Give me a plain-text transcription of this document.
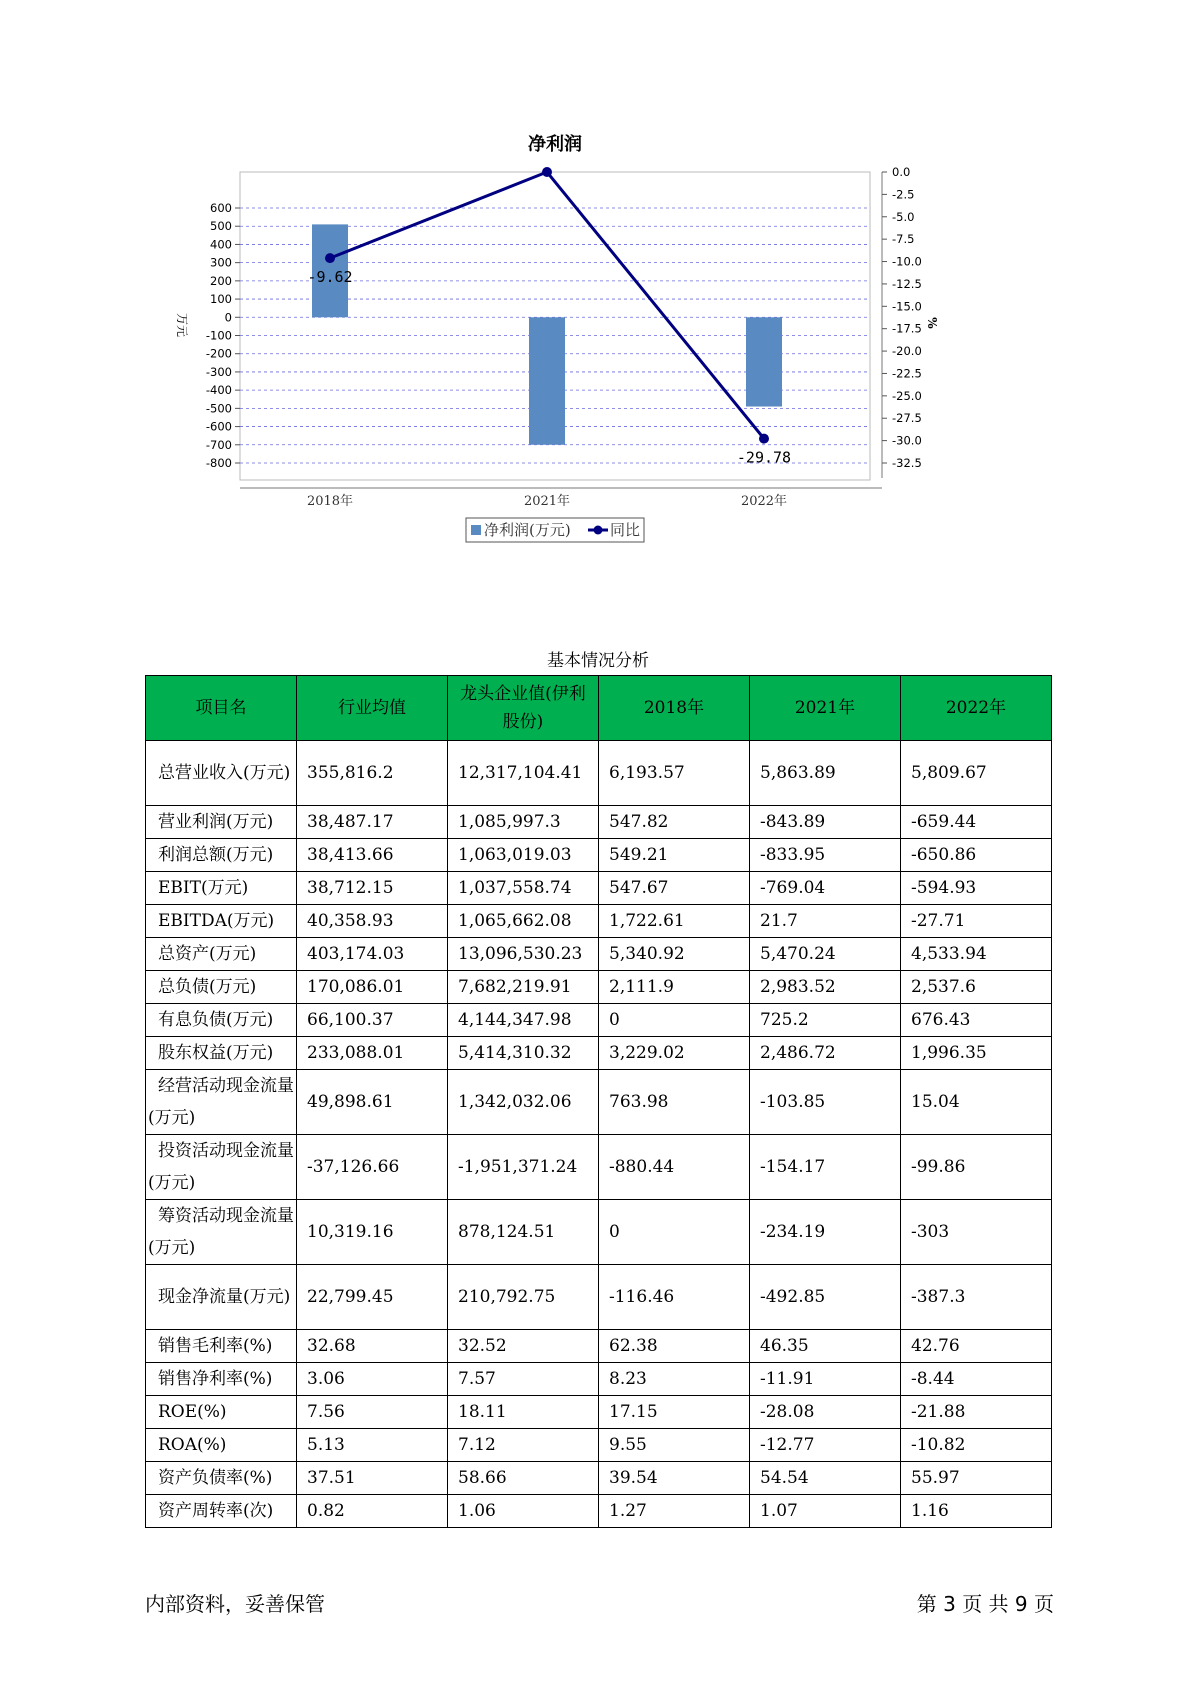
净利润
600
500
400
300
200
100
0
-100
-200
-300
-400
-500
-600
-700
-800
0.0
-2.5
-5.0
-7.5
-10.0
-12.5
-15.0
-17.5
-20.0
-22.5
-25.0
-27.5
-30.0
-32.5
万元	%
-9.62
-29.78
2018年	2021年	2022年
净利润(万元)	同比
基本情况分析
项目名	行业均值	龙头企业值(伊利股份)	2018年	2021年	2022年
总营业收入(万元)	355,816.2	12,317,104.41	6,193.57	5,863.89	5,809.67
营业利润(万元)	38,487.17	1,085,997.3	547.82	-843.89	-659.44
利润总额(万元)	38,413.66	1,063,019.03	549.21	-833.95	-650.86
EBIT(万元)	38,712.15	1,037,558.74	547.67	-769.04	-594.93
EBITDA(万元)	40,358.93	1,065,662.08	1,722.61	21.7	-27.71
总资产(万元)	403,174.03	13,096,530.23	5,340.92	5,470.24	4,533.94
总负债(万元)	170,086.01	7,682,219.91	2,111.9	2,983.52	2,537.6
有息负债(万元)	66,100.37	4,144,347.98	0	725.2	676.43
股东权益(万元)	233,088.01	5,414,310.32	3,229.02	2,486.72	1,996.35
经营活动现金流量(万元)	49,898.61	1,342,032.06	763.98	-103.85	15.04
投资活动现金流量(万元)	-37,126.66	-1,951,371.24	-880.44	-154.17	-99.86
筹资活动现金流量(万元)	10,319.16	878,124.51	0	-234.19	-303
现金净流量(万元)	22,799.45	210,792.75	-116.46	-492.85	-387.3
销售毛利率(%)	32.68	32.52	62.38	46.35	42.76
销售净利率(%)	3.06	7.57	8.23	-11.91	-8.44
ROE(%)	7.56	18.11	17.15	-28.08	-21.88
ROA(%)	5.13	7.12	9.55	-12.77	-10.82
资产负债率(%)	37.51	58.66	39.54	54.54	55.97
资产周转率(次)	0.82	1.06	1.27	1.07	1.16
内部资料，妥善保管	第 3 页 共 9 页
